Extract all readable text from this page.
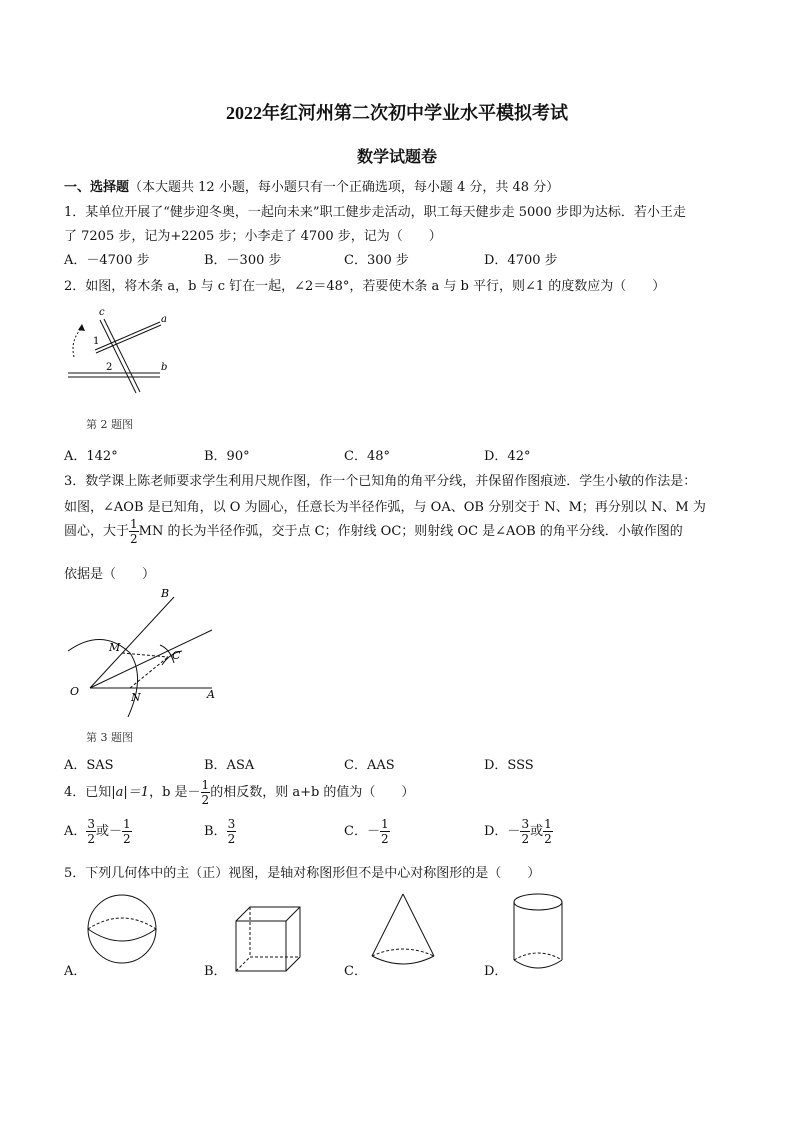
2022年红河州第二次初中学业水平模拟考试
数学试题卷
一、选择题（本大题共 12 小题，每小题只有一个正确选项，每小题 4 分，共 48 分）
1．某单位开展了“健步迎冬奥，一起向未来”职工健步走活动，职工每天健步走 5000 步即为达标．若小王走
了 7205 步，记为+2205 步；小李走了 4700 步，记为（　　）
A．－4700 步	B．－300 步	C．300 步	D．4700 步
2．如图，将木条 a，b 与 c 钉在一起，∠2＝48°，若要使木条 a 与 b 平行，则∠1 的度数应为（　　）
c
a
b
1
2
第 2 题图
A．142°	B．90°	C．48°	D．42°
3．数学课上陈老师要求学生利用尺规作图，作一个已知角的角平分线，并保留作图痕迹．学生小敏的作法是：
如图，∠AOB 是已知角，以 O 为圆心，任意长为半径作弧，与 OA、OB 分别交于 N、M；再分别以 N、M 为
圆心，大于 $\frac{1}{2}$ MN 的长为半径作弧，交于点 C；作射线 OC；则射线 OC 是∠AOB 的角平分线．小敏作图的
依据是（　　）
O	A
B
M
N
C
第 3 题图
A．SAS	B．ASA	C．AAS	D．SSS
4．已知|a|＝1，b 是－ $\frac{1}{2}$ 的相反数，则 a+b 的值为（　　）
A． $\frac{3}{2}$ 或－ $\frac{1}{2}$	B． $\frac{3}{2}$	C．－ $\frac{1}{2}$	D．－ $\frac{3}{2}$ 或 $\frac{1}{2}$
5．下列几何体中的主（正）视图，是轴对称图形但不是中心对称图形的是（　　）
A．	B．	C．	D．
